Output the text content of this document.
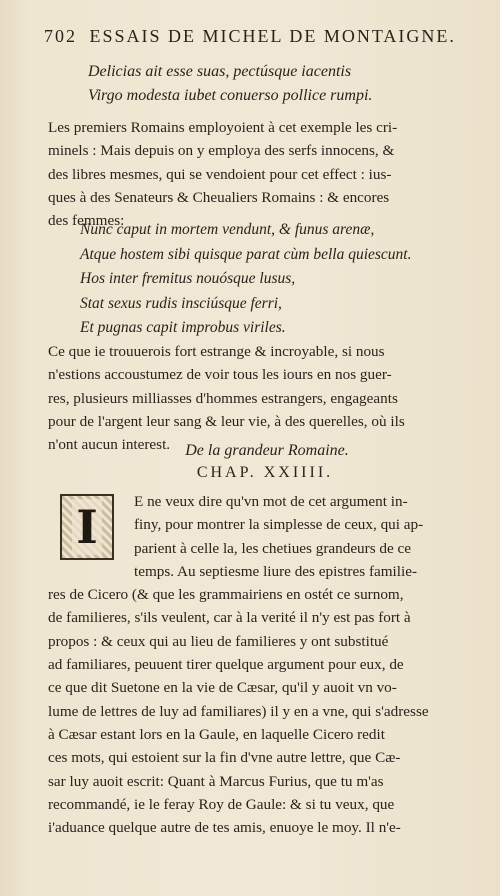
702 ESSAIS DE MICHEL DE MONTAIGNE.

Delicias ait esse suas, pectúsque iacentis

Virgo modesta iubet conuerso pollice rumpi.

Les premiers Romains employoient à cet exemple les cri-
minels : Mais depuis on y employa des serfs innocens, &
des libres mesmes, qui se vendoient pour cet effect : ius-
ques à des Senateurs & Cheualiers Romains : & encores
des femmes:

Nunc caput in mortem vendunt, & funus arenæ,

Atque hostem sibi quisque parat cùm bella quiescunt.

Hos inter fremitus nouósque lusus,

Stat sexus rudis insciúsque ferri,

Et pugnas capit improbus viriles.

Ce que ie trouuerois fort estrange & incroyable, si nous
n'estions accoustumez de voir tous les iours en nos guer-
res, plusieurs milliasses d'hommes estrangers, engageants
pour de l'argent leur sang & leur vie, à des querelles, où ils
n'ont aucun interest. De la grandeur Romaine.

CHAP. XXIIII.

I	E ne veux dire qu'vn mot de cet argument in-
finy, pour montrer la simplesse de ceux, qui ap-
parient à celle la, les chetiues grandeurs de ce
temps. Au septiesme liure des epistres familie-
res de Cicero (& que les grammairiens en ostét ce surnom,
de familieres, s'ils veulent, car à la verité il n'y est pas fort à
propos : & ceux qui au lieu de familieres y ont substitué
ad familiares, peuuent tirer quelque argument pour eux, de
ce que dit Suetone en la vie de Cæsar, qu'il y auoit vn vo-
lume de lettres de luy ad familiares) il y en a vne, qui s'adresse
à Cæsar estant lors en la Gaule, en laquelle Cicero redit
ces mots, qui estoient sur la fin d'vne autre lettre, que Cæ-
sar luy auoit escrit: Quant à Marcus Furius, que tu m'as
recommandé, ie le feray Roy de Gaule: & si tu veux, que
i'aduance quelque autre de tes amis, enuoye le moy. Il n'e-
